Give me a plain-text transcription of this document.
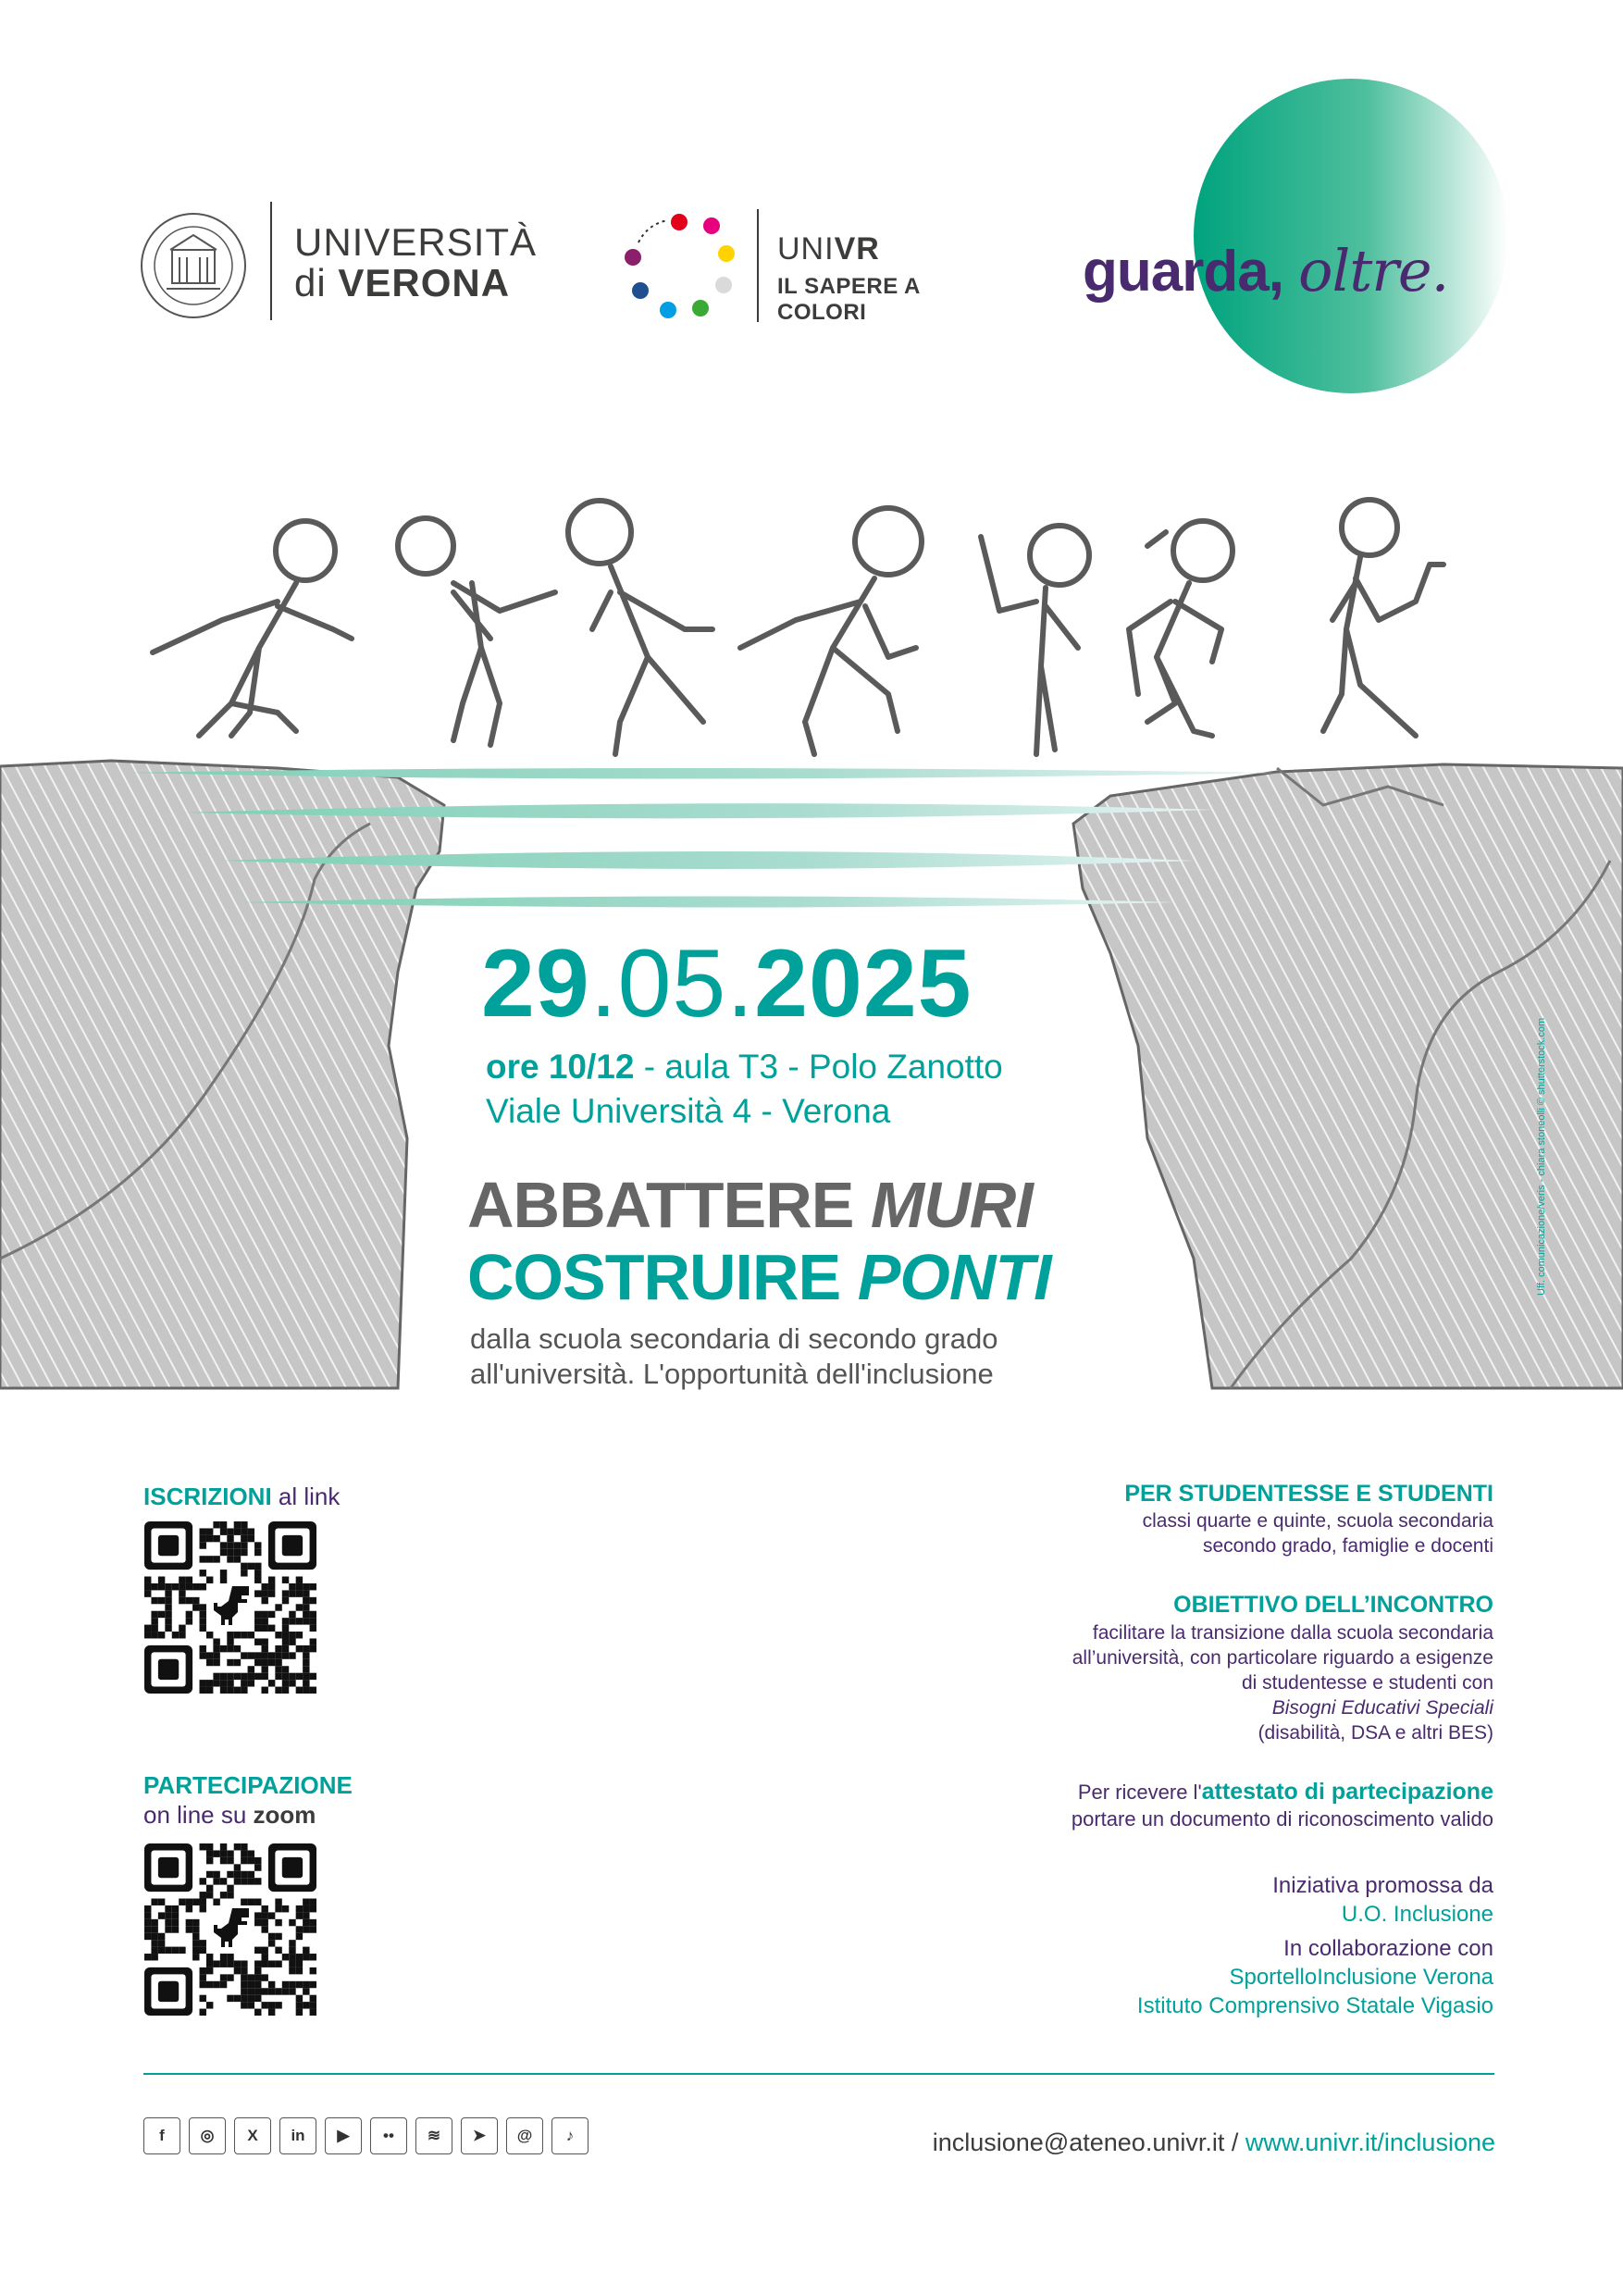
UNIVERSITÀ
di VERONA
UNIVR
IL SAPERE A COLORI
guarda, oltre.
29.05.2025
ore 10/12 - aula T3 - Polo Zanotto
Viale Università 4 - Verona
ABBATTERE MURI
COSTRUIRE PONTI
dalla scuola secondaria di secondo grado
all'università. L'opportunità dell'inclusione
Uff. comunicazione/veris - chiara stoneolli © shutterstock.com
ISCRIZIONI al link
PARTECIPAZIONE
on line su zoom
PER STUDENTESSE E STUDENTI
classi quarte e quinte, scuola secondaria
secondo grado, famiglie e docenti
OBIETTIVO DELL’INCONTRO
facilitare la transizione dalla scuola secondaria
all’università, con particolare riguardo a esigenze
di studentesse e studenti con
Bisogni Educativi Speciali
(disabilità, DSA e altri BES)
Per ricevere l'attestato di partecipazione
portare un documento di riconoscimento valido
Iniziativa promossa da
U.O. Inclusione
In collaborazione con
SportelloInclusione Verona
Istituto Comprensivo Statale Vigasio
f	◎	X	in	▶	••	≋	➤	@	♪	inclusione@ateneo.univr.it / www.univr.it/inclusione
